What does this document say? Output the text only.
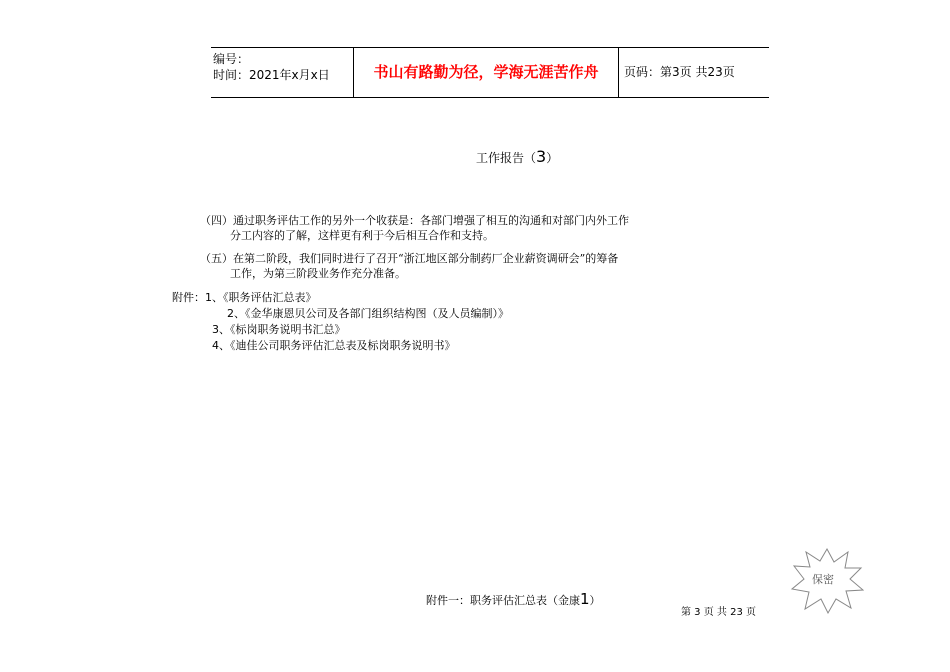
编号：
时间：2021年x月x日	书山有路勤为径，学海无涯苦作舟	页码：第3页 共23页
工作报告（3）
（四）通过职务评估工作的另外一个收获是：各部门增强了相互的沟通和对部门内外工作
分工内容的了解，这样更有利于今后相互合作和支持。
（五）在第二阶段，我们同时进行了召开“浙江地区部分制药厂企业薪资调研会”的筹备
工作，为第三阶段业务作充分准备。
附件：1、《职务评估汇总表》
2、《金华康恩贝公司及各部门组织结构图（及人员编制）》
3、《标岗职务说明书汇总》
4、《迪佳公司职务评估汇总表及标岗职务说明书》
保密
附件一：职务评估汇总表（金康1）
第 3 页 共 23 页
